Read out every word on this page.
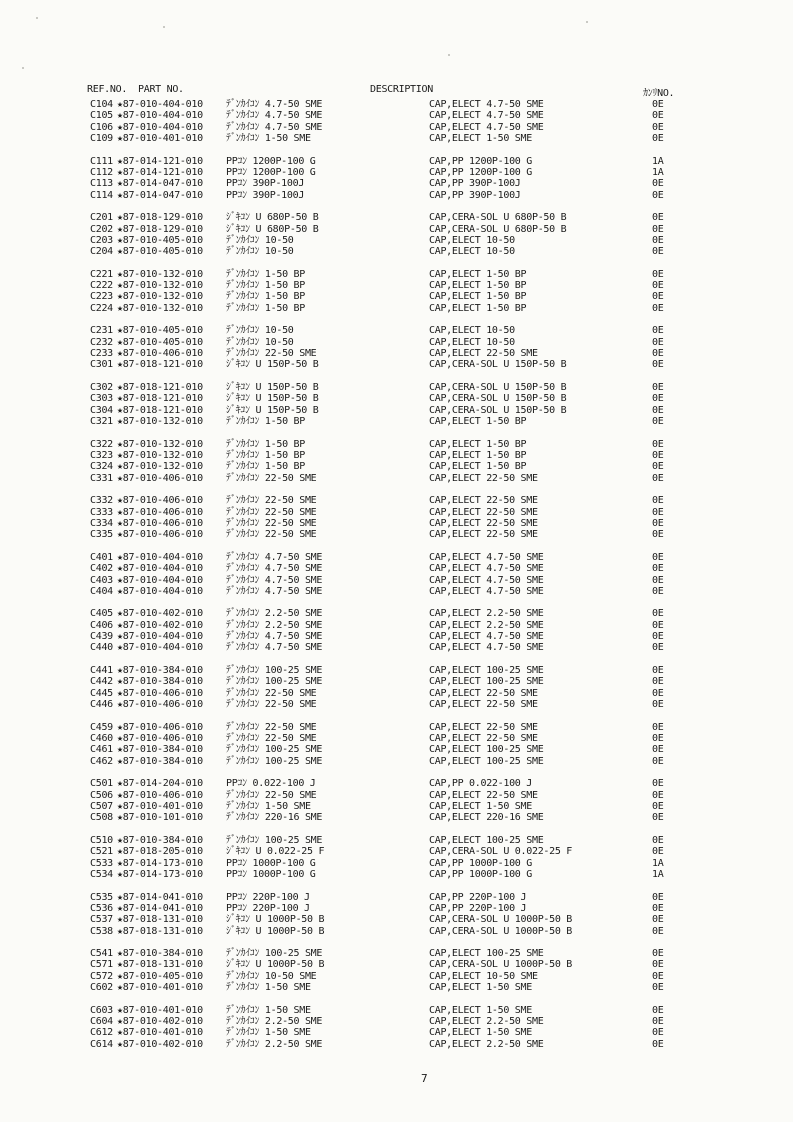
REF.NO. PART NO.	DESCRIPTION	ｶﾝﾘNO.
C104 ★87-010-404-010 ﾃﾞﾝｶｲｺﾝ 4.7-50 SME	CAP,ELECT 4.7-50 SME	0E
C105 ★87-010-404-010 ﾃﾞﾝｶｲｺﾝ 4.7-50 SME	CAP,ELECT 4.7-50 SME	0E
C106 ★87-010-404-010 ﾃﾞﾝｶｲｺﾝ 4.7-50 SME	CAP,ELECT 4.7-50 SME	0E
C109 ★87-010-401-010 ﾃﾞﾝｶｲｺﾝ 1-50 SME	CAP,ELECT 1-50 SME	0E
C111 ★87-014-121-010 PPｺﾝ 1200P-100 G	CAP,PP 1200P-100 G	1A
C112 ★87-014-121-010 PPｺﾝ 1200P-100 G	CAP,PP 1200P-100 G	1A
C113 ★87-014-047-010 PPｺﾝ 390P-100J	CAP,PP 390P-100J	0E
C114 ★87-014-047-010 PPｺﾝ 390P-100J	CAP,PP 390P-100J	0E
C201 ★87-018-129-010 ｼﾞｷｺﾝ U 680P-50 B	CAP,CERA-SOL U 680P-50 B	0E
C202 ★87-018-129-010 ｼﾞｷｺﾝ U 680P-50 B	CAP,CERA-SOL U 680P-50 B	0E
C203 ★87-010-405-010 ﾃﾞﾝｶｲｺﾝ 10-50	CAP,ELECT 10-50	0E
C204 ★87-010-405-010 ﾃﾞﾝｶｲｺﾝ 10-50	CAP,ELECT 10-50	0E
C221 ★87-010-132-010 ﾃﾞﾝｶｲｺﾝ 1-50 BP	CAP,ELECT 1-50 BP	0E
C222 ★87-010-132-010 ﾃﾞﾝｶｲｺﾝ 1-50 BP	CAP,ELECT 1-50 BP	0E
C223 ★87-010-132-010 ﾃﾞﾝｶｲｺﾝ 1-50 BP	CAP,ELECT 1-50 BP	0E
C224 ★87-010-132-010 ﾃﾞﾝｶｲｺﾝ 1-50 BP	CAP,ELECT 1-50 BP	0E
C231 ★87-010-405-010 ﾃﾞﾝｶｲｺﾝ 10-50	CAP,ELECT 10-50	0E
C232 ★87-010-405-010 ﾃﾞﾝｶｲｺﾝ 10-50	CAP,ELECT 10-50	0E
C233 ★87-010-406-010 ﾃﾞﾝｶｲｺﾝ 22-50 SME	CAP,ELECT 22-50 SME	0E
C301 ★87-018-121-010 ｼﾞｷｺﾝ U 150P-50 B	CAP,CERA-SOL U 150P-50 B	0E
C302 ★87-018-121-010 ｼﾞｷｺﾝ U 150P-50 B	CAP,CERA-SOL U 150P-50 B	0E
C303 ★87-018-121-010 ｼﾞｷｺﾝ U 150P-50 B	CAP,CERA-SOL U 150P-50 B	0E
C304 ★87-018-121-010 ｼﾞｷｺﾝ U 150P-50 B	CAP,CERA-SOL U 150P-50 B	0E
C321 ★87-010-132-010 ﾃﾞﾝｶｲｺﾝ 1-50 BP	CAP,ELECT 1-50 BP	0E
C322 ★87-010-132-010 ﾃﾞﾝｶｲｺﾝ 1-50 BP	CAP,ELECT 1-50 BP	0E
C323 ★87-010-132-010 ﾃﾞﾝｶｲｺﾝ 1-50 BP	CAP,ELECT 1-50 BP	0E
C324 ★87-010-132-010 ﾃﾞﾝｶｲｺﾝ 1-50 BP	CAP,ELECT 1-50 BP	0E
C331 ★87-010-406-010 ﾃﾞﾝｶｲｺﾝ 22-50 SME	CAP,ELECT 22-50 SME	0E
C332 ★87-010-406-010 ﾃﾞﾝｶｲｺﾝ 22-50 SME	CAP,ELECT 22-50 SME	0E
C333 ★87-010-406-010 ﾃﾞﾝｶｲｺﾝ 22-50 SME	CAP,ELECT 22-50 SME	0E
C334 ★87-010-406-010 ﾃﾞﾝｶｲｺﾝ 22-50 SME	CAP,ELECT 22-50 SME	0E
C335 ★87-010-406-010 ﾃﾞﾝｶｲｺﾝ 22-50 SME	CAP,ELECT 22-50 SME	0E
C401 ★87-010-404-010 ﾃﾞﾝｶｲｺﾝ 4.7-50 SME	CAP,ELECT 4.7-50 SME	0E
C402 ★87-010-404-010 ﾃﾞﾝｶｲｺﾝ 4.7-50 SME	CAP,ELECT 4.7-50 SME	0E
C403 ★87-010-404-010 ﾃﾞﾝｶｲｺﾝ 4.7-50 SME	CAP,ELECT 4.7-50 SME	0E
C404 ★87-010-404-010 ﾃﾞﾝｶｲｺﾝ 4.7-50 SME	CAP,ELECT 4.7-50 SME	0E
C405 ★87-010-402-010 ﾃﾞﾝｶｲｺﾝ 2.2-50 SME	CAP,ELECT 2.2-50 SME	0E
C406 ★87-010-402-010 ﾃﾞﾝｶｲｺﾝ 2.2-50 SME	CAP,ELECT 2.2-50 SME	0E
C439 ★87-010-404-010 ﾃﾞﾝｶｲｺﾝ 4.7-50 SME	CAP,ELECT 4.7-50 SME	0E
C440 ★87-010-404-010 ﾃﾞﾝｶｲｺﾝ 4.7-50 SME	CAP,ELECT 4.7-50 SME	0E
C441 ★87-010-384-010 ﾃﾞﾝｶｲｺﾝ 100-25 SME	CAP,ELECT 100-25 SME	0E
C442 ★87-010-384-010 ﾃﾞﾝｶｲｺﾝ 100-25 SME	CAP,ELECT 100-25 SME	0E
C445 ★87-010-406-010 ﾃﾞﾝｶｲｺﾝ 22-50 SME	CAP,ELECT 22-50 SME	0E
C446 ★87-010-406-010 ﾃﾞﾝｶｲｺﾝ 22-50 SME	CAP,ELECT 22-50 SME	0E
C459 ★87-010-406-010 ﾃﾞﾝｶｲｺﾝ 22-50 SME	CAP,ELECT 22-50 SME	0E
C460 ★87-010-406-010 ﾃﾞﾝｶｲｺﾝ 22-50 SME	CAP,ELECT 22-50 SME	0E
C461 ★87-010-384-010 ﾃﾞﾝｶｲｺﾝ 100-25 SME	CAP,ELECT 100-25 SME	0E
C462 ★87-010-384-010 ﾃﾞﾝｶｲｺﾝ 100-25 SME	CAP,ELECT 100-25 SME	0E
C501 ★87-014-204-010 PPｺﾝ 0.022-100 J	CAP,PP 0.022-100 J	0E
C506 ★87-010-406-010 ﾃﾞﾝｶｲｺﾝ 22-50 SME	CAP,ELECT 22-50 SME	0E
C507 ★87-010-401-010 ﾃﾞﾝｶｲｺﾝ 1-50 SME	CAP,ELECT 1-50 SME	0E
C508 ★87-010-101-010 ﾃﾞﾝｶｲｺﾝ 220-16 SME	CAP,ELECT 220-16 SME	0E
C510 ★87-010-384-010 ﾃﾞﾝｶｲｺﾝ 100-25 SME	CAP,ELECT 100-25 SME	0E
C521 ★87-018-205-010 ｼﾞｷｺﾝ U 0.022-25 F	CAP,CERA-SOL U 0.022-25 F	0E
C533 ★87-014-173-010 PPｺﾝ 1000P-100 G	CAP,PP 1000P-100 G	1A
C534 ★87-014-173-010 PPｺﾝ 1000P-100 G	CAP,PP 1000P-100 G	1A
C535 ★87-014-041-010 PPｺﾝ 220P-100 J	CAP,PP 220P-100 J	0E
C536 ★87-014-041-010 PPｺﾝ 220P-100 J	CAP,PP 220P-100 J	0E
C537 ★87-018-131-010 ｼﾞｷｺﾝ U 1000P-50 B	CAP,CERA-SOL U 1000P-50 B	0E
C538 ★87-018-131-010 ｼﾞｷｺﾝ U 1000P-50 B	CAP,CERA-SOL U 1000P-50 B	0E
C541 ★87-010-384-010 ﾃﾞﾝｶｲｺﾝ 100-25 SME	CAP,ELECT 100-25 SME	0E
C571 ★87-018-131-010 ｼﾞｷｺﾝ U 1000P-50 B	CAP,CERA-SOL U 1000P-50 B	0E
C572 ★87-010-405-010 ﾃﾞﾝｶｲｺﾝ 10-50 SME	CAP,ELECT 10-50 SME	0E
C602 ★87-010-401-010 ﾃﾞﾝｶｲｺﾝ 1-50 SME	CAP,ELECT 1-50 SME	0E
C603 ★87-010-401-010 ﾃﾞﾝｶｲｺﾝ 1-50 SME	CAP,ELECT 1-50 SME	0E
C604 ★87-010-402-010 ﾃﾞﾝｶｲｺﾝ 2.2-50 SME	CAP,ELECT 2.2-50 SME	0E
C612 ★87-010-401-010 ﾃﾞﾝｶｲｺﾝ 1-50 SME	CAP,ELECT 1-50 SME	0E
C614 ★87-010-402-010 ﾃﾞﾝｶｲｺﾝ 2.2-50 SME	CAP,ELECT 2.2-50 SME	0E
7
